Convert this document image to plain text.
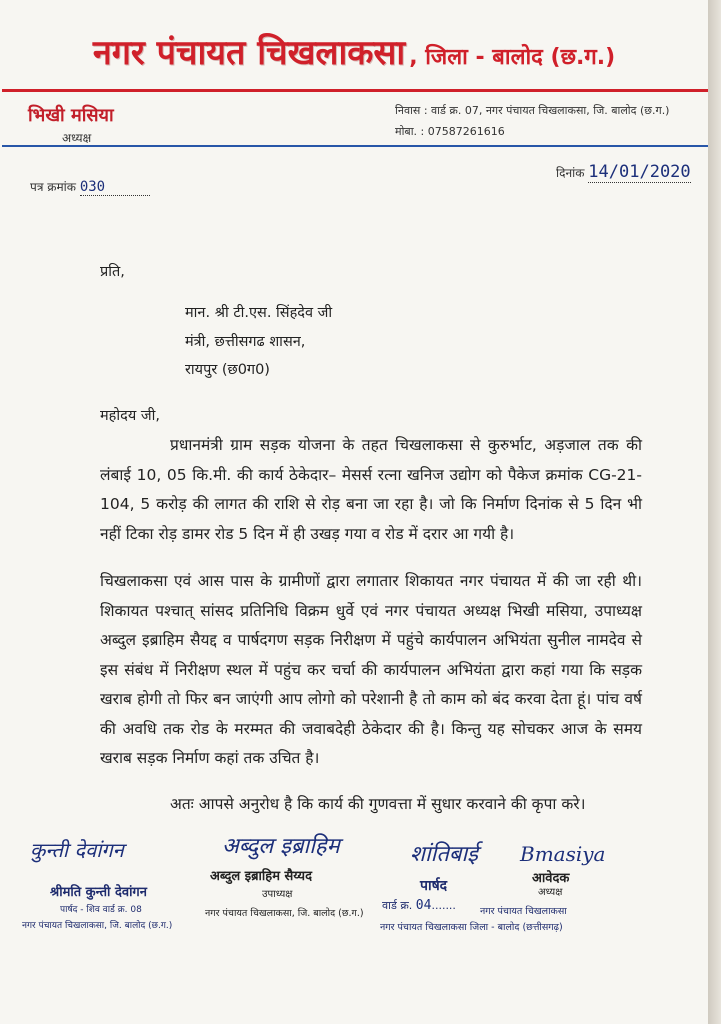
नगर पंचायत चिखलाकसा , जिला - बालोद (छ.ग.)
भिखी मसिया
अध्यक्ष
निवास : वार्ड क्र. 07, नगर पंचायत चिखलाकसा, जि. बालोद (छ.ग.)
मोबा. : 07587261616
पत्र क्रमांक 030
दिनांक 14/01/2020
प्रति,
मान. श्री टी.एस. सिंहदेव जी
मंत्री, छत्तीसगढ शासन,
रायपुर (छ0ग0)
महोदय जी,
प्रधानमंत्री ग्राम सड़क योजना के तहत चिखलाकसा से कुरुर्भाट, अड़जाल तक की लंबाई 10, 05 कि.मी. की कार्य ठेकेदार– मेसर्स रत्ना खनिज उद्योग को पैकेज क्रमांक CG-21-104, 5 करोड़ की लागत की राशि से रोड़ बना जा रहा है। जो कि निर्माण दिनांक से 5 दिन भी नहीं टिका रोड़ डामर रोड 5 दिन में ही उखड़ गया व रोड में दरार आ गयी है।
चिखलाकसा एवं आस पास के ग्रामीणों द्वारा लगातार शिकायत नगर पंचायत में की जा रही थी। शिकायत पश्चात् सांसद प्रतिनिधि विक्रम धुर्वे एवं नगर पंचायत अध्यक्ष भिखी मसिया, उपाध्यक्ष अब्दुल इब्राहिम सैयद्द व पार्षदगण सड़क निरीक्षण में पहुंचे कार्यपालन अभियंता सुनील नामदेव से इस संबंध में निरीक्षण स्थल में पहुंच कर चर्चा की कार्यपालन अभियंता द्वारा कहां गया कि सड़क खराब होगी तो फिर बन जाएंगी आप लोगो को परेशानी है तो काम को बंद करवा देता हूं। पांच वर्ष की अवधि तक रोड के मरम्मत की जवाबदेही ठेकेदार की है। किन्तु यह सोचकर आज के समय खराब सड़क निर्माण कहां तक उचित है।
अतः आपसे अनुरोध है कि कार्य की गुणवत्ता में सुधार करवाने की कृपा करे।
कुन्ती देवांगन
श्रीमति कुन्ती देवांगन
पार्षद - शिव वार्ड क्र. 08
नगर पंचायत चिखलाकसा, जि. बालोद (छ.ग.)
अब्दुल इब्राहिम
अब्दुल इब्राहिम सैय्यद
उपाध्यक्ष
नगर पंचायत चिखलाकसा, जि. बालोद (छ.ग.)
शांतिबाई
पार्षद
वार्ड क्र. 04.......
नगर पंचायत चिखलाकसा जिला - बालोद (छत्तीसगढ़)
Bmasiya
आवेदक
अध्यक्ष
नगर पंचायत चिखलाकसा
